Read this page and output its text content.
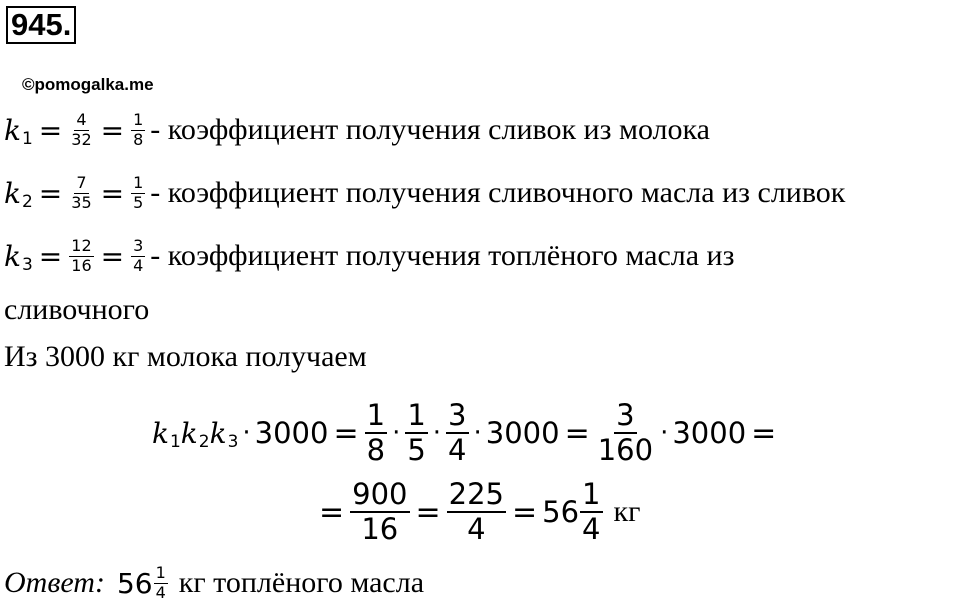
945.
©pomogalka.me
k $1 = \frac{4}{32} = \frac{1}{8}$ - коэффициент получения сливок из молока
k $2 = \frac{7}{35} = \frac{1}{5}$ - коэффициент получения сливочного масла из сливок
k $3 = \frac{12}{16} = \frac{3}{4}$ - коэффициент получения топлёного масла из
сливочного
Из 3000 кг молока получаем
k 1 k 2 k $3 \cdot 3000 = \frac{1}{8} \cdot \frac{1}{5} \cdot \frac{3}{4} \cdot 3000 = \frac{3}{160} \cdot 3000$ =
= $\frac{900}{16} = \frac{225}{4} = 56 \frac{1}{4}$ кг
Ответ: $56 \frac{1}{4}$ кг топлёного масла
